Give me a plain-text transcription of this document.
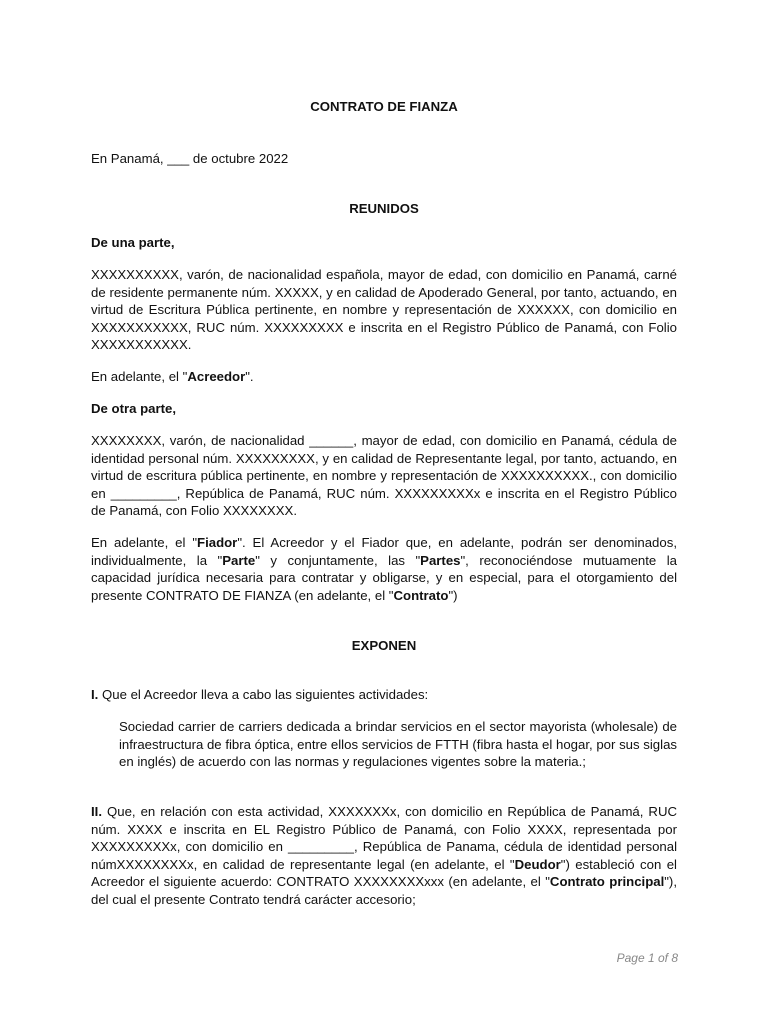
CONTRATO DE FIANZA

En Panamá, ___ de octubre 2022

REUNIDOS

De una parte,

XXXXXXXXXX, varón, de nacionalidad española, mayor de edad, con domicilio en Panamá, carné de residente permanente núm. XXXXX, y en calidad de Apoderado General, por tanto, actuando, en virtud de Escritura Pública pertinente, en nombre y representación de XXXXXX, con domicilio en XXXXXXXXXXX, RUC núm. XXXXXXXXX e inscrita en el Registro Público de Panamá, con Folio XXXXXXXXXXX.

En adelante, el "Acreedor".

De otra parte,

XXXXXXXX, varón, de nacionalidad ______, mayor de edad, con domicilio en Panamá, cédula de identidad personal núm. XXXXXXXXX, y en calidad de Representante legal, por tanto, actuando, en virtud de escritura pública pertinente, en nombre y representación de XXXXXXXXXX., con domicilio en _________, República de Panamá, RUC núm. XXXXXXXXXx e inscrita en el Registro Público de Panamá, con Folio XXXXXXXX.

En adelante, el "Fiador". El Acreedor y el Fiador que, en adelante, podrán ser denominados, individualmente, la "Parte" y conjuntamente, las "Partes", reconociéndose mutuamente la capacidad jurídica necesaria para contratar y obligarse, y en especial, para el otorgamiento del presente CONTRATO DE FIANZA (en adelante, el "Contrato")

EXPONEN

I. Que el Acreedor lleva a cabo las siguientes actividades:

Sociedad carrier de carriers dedicada a brindar servicios en el sector mayorista (wholesale) de infraestructura de fibra óptica, entre ellos servicios de FTTH (fibra hasta el hogar, por sus siglas en inglés) de acuerdo con las normas y regulaciones vigentes sobre la materia.;

II. Que, en relación con esta actividad, XXXXXXXx, con domicilio en República de Panamá, RUC núm. XXXX e inscrita en EL Registro Público de Panamá, con Folio XXXX, representada por XXXXXXXXXx, con domicilio en _________, República de Panama, cédula de identidad personal númXXXXXXXXx, en calidad de representante legal (en adelante, el "Deudor") estableció con el Acreedor el siguiente acuerdo: CONTRATO XXXXXXXXxxx (en adelante, el "Contrato principal"), del cual el presente Contrato tendrá carácter accesorio;

Page 1 of 8
